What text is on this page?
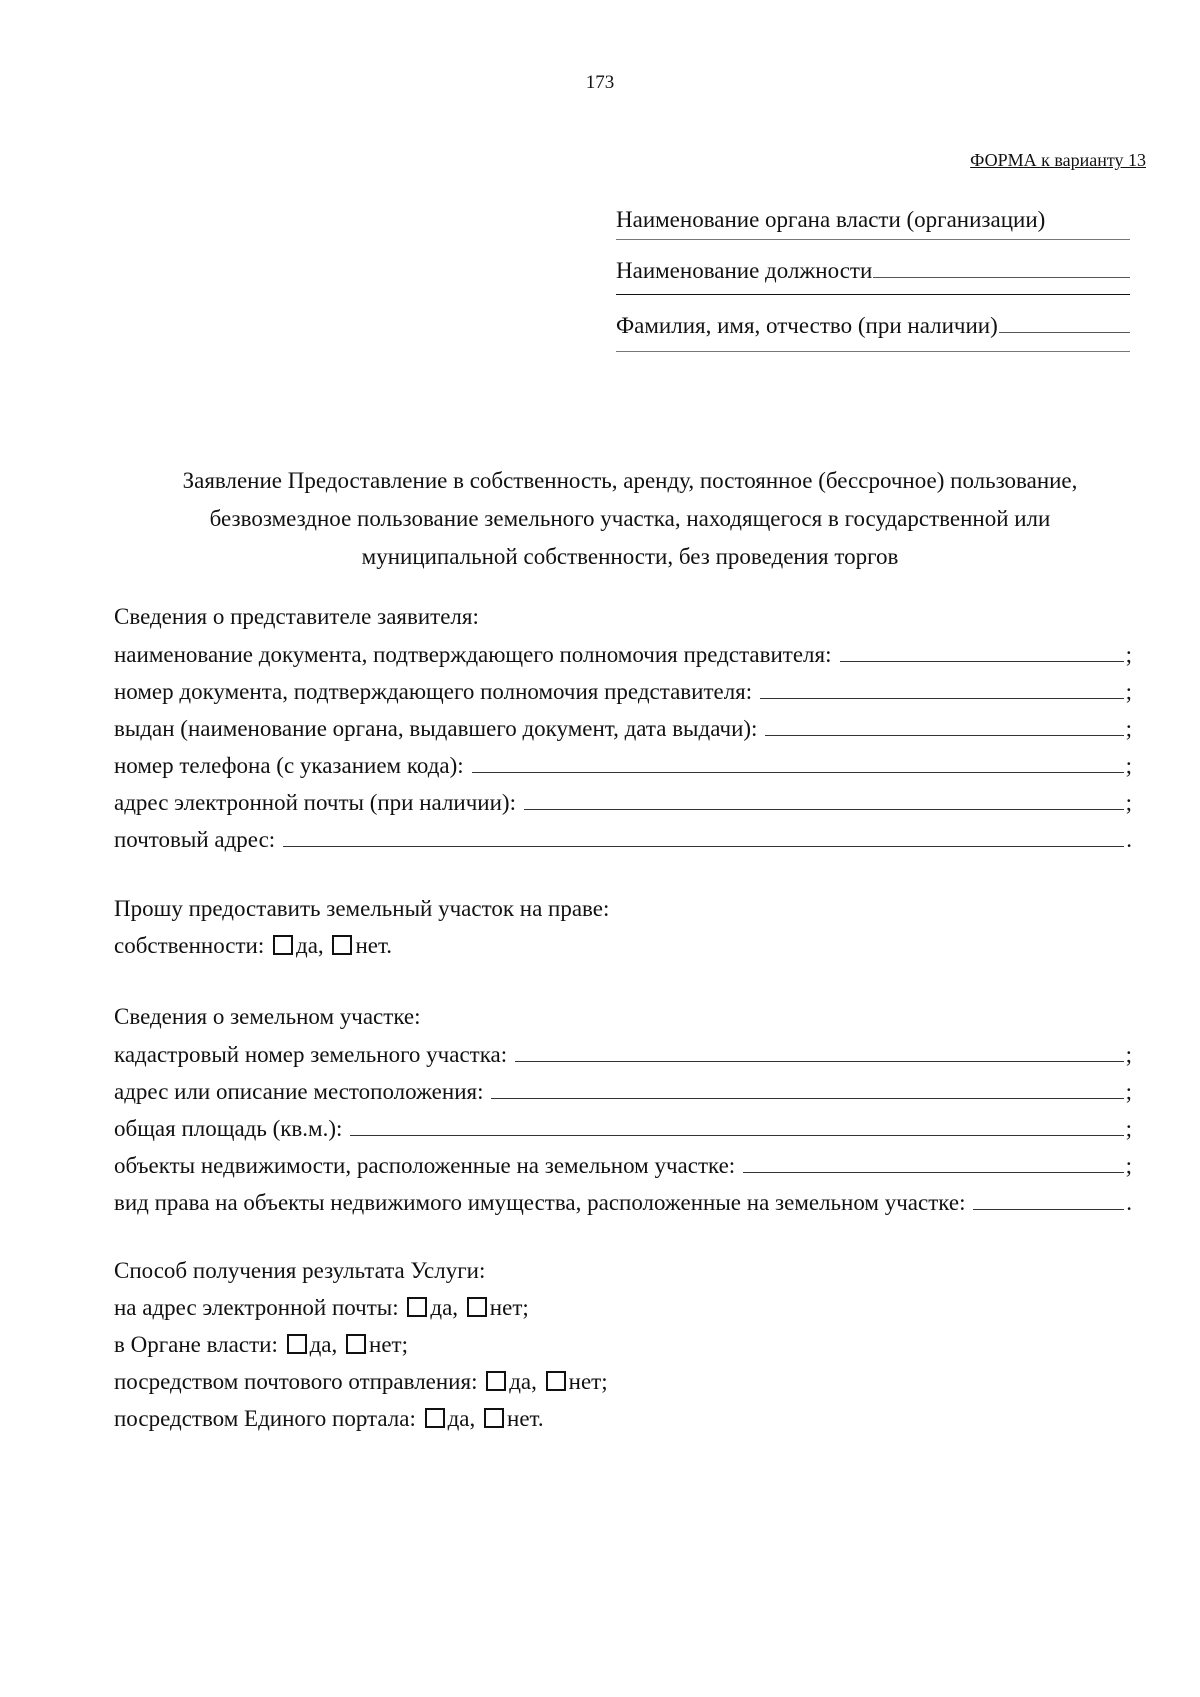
173
ФОРМА к варианту 13
Наименование органа власти (организации)
Наименование должности
Фамилия, имя, отчество (при наличии)
Заявление Предоставление в собственность, аренду, постоянное (бессрочное) пользование, безвозмездное пользование земельного участка, находящегося в государственной или муниципальной собственности, без проведения торгов
Сведения о представителе заявителя:
наименование документа, подтверждающего полномочия представителя:	;
номер документа, подтверждающего полномочия представителя:	;
выдан (наименование органа, выдавшего документ, дата выдачи):	;
номер телефона (с указанием кода):	;
адрес электронной почты (при наличии):	;
почтовый адрес:	.
Прошу предоставить земельный участок на праве:
собственности: да, нет.
Сведения о земельном участке:
кадастровый номер земельного участка:	;
адрес или описание местоположения:	;
общая площадь (кв.м.):	;
объекты недвижимости, расположенные на земельном участке:	;
вид права на объекты недвижимого имущества, расположенные на земельном участке:	.
Способ получения результата Услуги:
на адрес электронной почты: да, нет;
в Органе власти: да, нет;
посредством почтового отправления: да, нет;
посредством Единого портала: да, нет.
